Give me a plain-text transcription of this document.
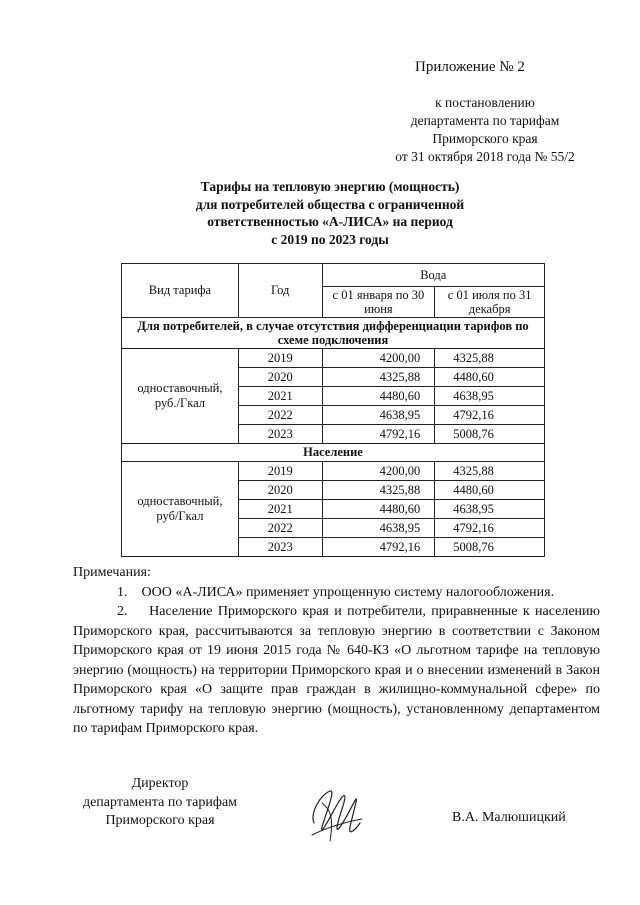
Приложение № 2
к постановлению
департамента по тарифам
Приморского края
от 31 октября 2018 года № 55/2
Тарифы на тепловую энергию (мощность)
для потребителей общества с ограниченной
ответственностью «А-ЛИСА» на период
с 2019 по 2023 годы
Вид тарифа	Год	Вода	
		с 01 января по 30 июня	с 01 июля по 31 декабря
Для потребителей, в случае отсутствия дифференциации тарифов по схеме подключения			
одноставочный, руб./Гкал	2019	4200,00	4325,88
	2020	4325,88	4480,60
	2021	4480,60	4638,95
	2022	4638,95	4792,16
	2023	4792,16	5008,76
Население			
одноставочный, руб/Гкал	2019	4200,00	4325,88
	2020	4325,88	4480,60
	2021	4480,60	4638,95
	2022	4638,95	4792,16
	2023	4792,16	5008,76
Примечания:
1.    ООО «А-ЛИСА» применяет упрощенную систему налогообложения.
2.    Население Приморского края и потребители, приравненные к населению Приморского края, рассчитываются за тепловую энергию в соответствии с Законом Приморского края от 19 июня 2015 года № 640-КЗ «О льготном тарифе на тепловую энергию (мощность) на территории Приморского края и о внесении изменений в Закон Приморского края «О защите прав граждан в жилищно-коммунальной сфере» по льготному тарифу на тепловую энергию (мощность), установленному департаментом по тарифам Приморского края.
Директор
департамента по тарифам
Приморского края	В.А. Малюшицкий
